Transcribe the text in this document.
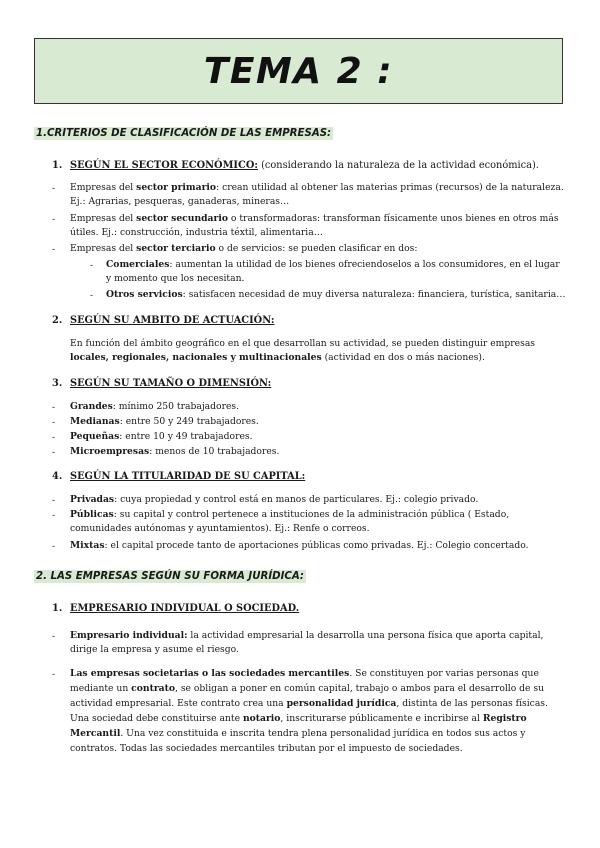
TEMA 2 :
1.CRITERIOS DE CLASIFICACIÓN DE LAS EMPRESAS:
1. SEGÚN EL SECTOR ECONÓMICO: (considerando la naturaleza de la actividad económica).
- Empresas del sector primario: crean utilidad al obtener las materias primas (recursos) de la naturaleza.
Ej.: Agrarias, pesqueras, ganaderas, mineras…
- Empresas del sector secundario o transformadoras: transforman físicamente unos bienes en otros más
útiles. Ej.: construcción, industria téxtil, alimentaria…
- Empresas del sector terciario o de servicios: se pueden clasificar en dos:
- Comerciales: aumentan la utilidad de los bienes ofreciendoselos a los consumidores, en el lugar
y momento que los necesitan.
- Otros servicios: satisfacen necesidad de muy diversa naturaleza: financiera, turística, sanitaria…
2. SEGÚN SU AMBITO DE ACTUACIÓN:
En función del ámbito geográfico en el que desarrollan su actividad, se pueden distinguir empresas
locales, regionales, nacionales y multinacionales (actividad en dos o más naciones).
3. SEGÚN SU TAMAÑO O DIMENSIÓN:
- Grandes: mínimo 250 trabajadores.
- Medianas: entre 50 y 249 trabajadores.
- Pequeñas: entre 10 y 49 trabajadores.
- Microempresas: menos de 10 trabajadores.
4. SEGÚN LA TITULARIDAD DE SU CAPITAL:
- Privadas: cuya propiedad y control está en manos de particulares. Ej.: colegio privado.
- Públicas: su capital y control pertenece a instituciones de la administración pública ( Estado,
comunidades autónomas y ayuntamientos). Ej.: Renfe o correos.
- Mixtas: el capital procede tanto de aportaciones públicas como privadas. Ej.: Colegio concertado.
2. LAS EMPRESAS SEGÚN SU FORMA JURÍDICA:
1. EMPRESARIO INDIVIDUAL O SOCIEDAD.
- Empresario individual: la actividad empresarial la desarrolla una persona física que aporta capital,
dirige la empresa y asume el riesgo.
- Las empresas societarias o las sociedades mercantiles. Se constituyen por varias personas que
mediante un contrato, se obligan a poner en común capital, trabajo o ambos para el desarrollo de su
actividad empresarial. Este contrato crea una personalidad jurídica, distinta de las personas físicas.
Una sociedad debe constituirse ante notario, inscriturarse públicamente e incribirse al Registro
Mercantil. Una vez constituida e inscrita tendra plena personalidad jurídica en todos sus actos y
contratos. Todas las sociedades mercantiles tributan por el impuesto de sociedades.
